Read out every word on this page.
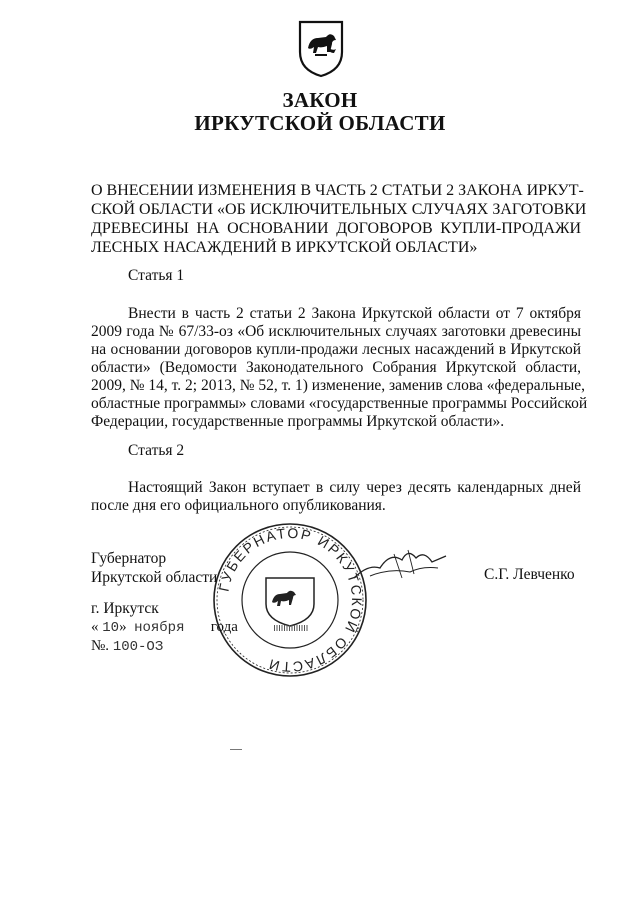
ЗАКОН
ИРКУТСКОЙ ОБЛАСТИ
О ВНЕСЕНИИ ИЗМЕНЕНИЯ В ЧАСТЬ 2 СТАТЬИ 2 ЗАКОНА ИРКУТ-
СКОЙ ОБЛАСТИ «ОБ ИСКЛЮЧИТЕЛЬНЫХ СЛУЧАЯХ ЗАГОТОВКИ
ДРЕВЕСИНЫ НА ОСНОВАНИИ ДОГОВОРОВ КУПЛИ-ПРОДАЖИ
ЛЕСНЫХ НАСАЖДЕНИЙ В ИРКУТСКОЙ ОБЛАСТИ»
Статья 1
Внести в часть 2 статьи 2 Закона Иркутской области от 7 октября
2009 года № 67/33-оз «Об исключительных случаях заготовки древесины
на основании договоров купли-продажи лесных насаждений в Иркутской
области» (Ведомости Законодательного Собрания Иркутской области,
2009, № 14, т. 2; 2013, № 52, т. 1) изменение, заменив слова «федеральные,
областные программы» словами «государственные программы Российской
Федерации, государственные программы Иркутской области».
Статья 2
Настоящий Закон вступает в силу через десять календарных дней
после дня его официального опубликования.
ГУБЕРНАТОР ИРКУТСКОЙ ОБЛАСТИ
Губернатор
Иркутской области	С.Г. Левченко
г. Иркутск
« 10» ноября года
№. 100-ОЗ
